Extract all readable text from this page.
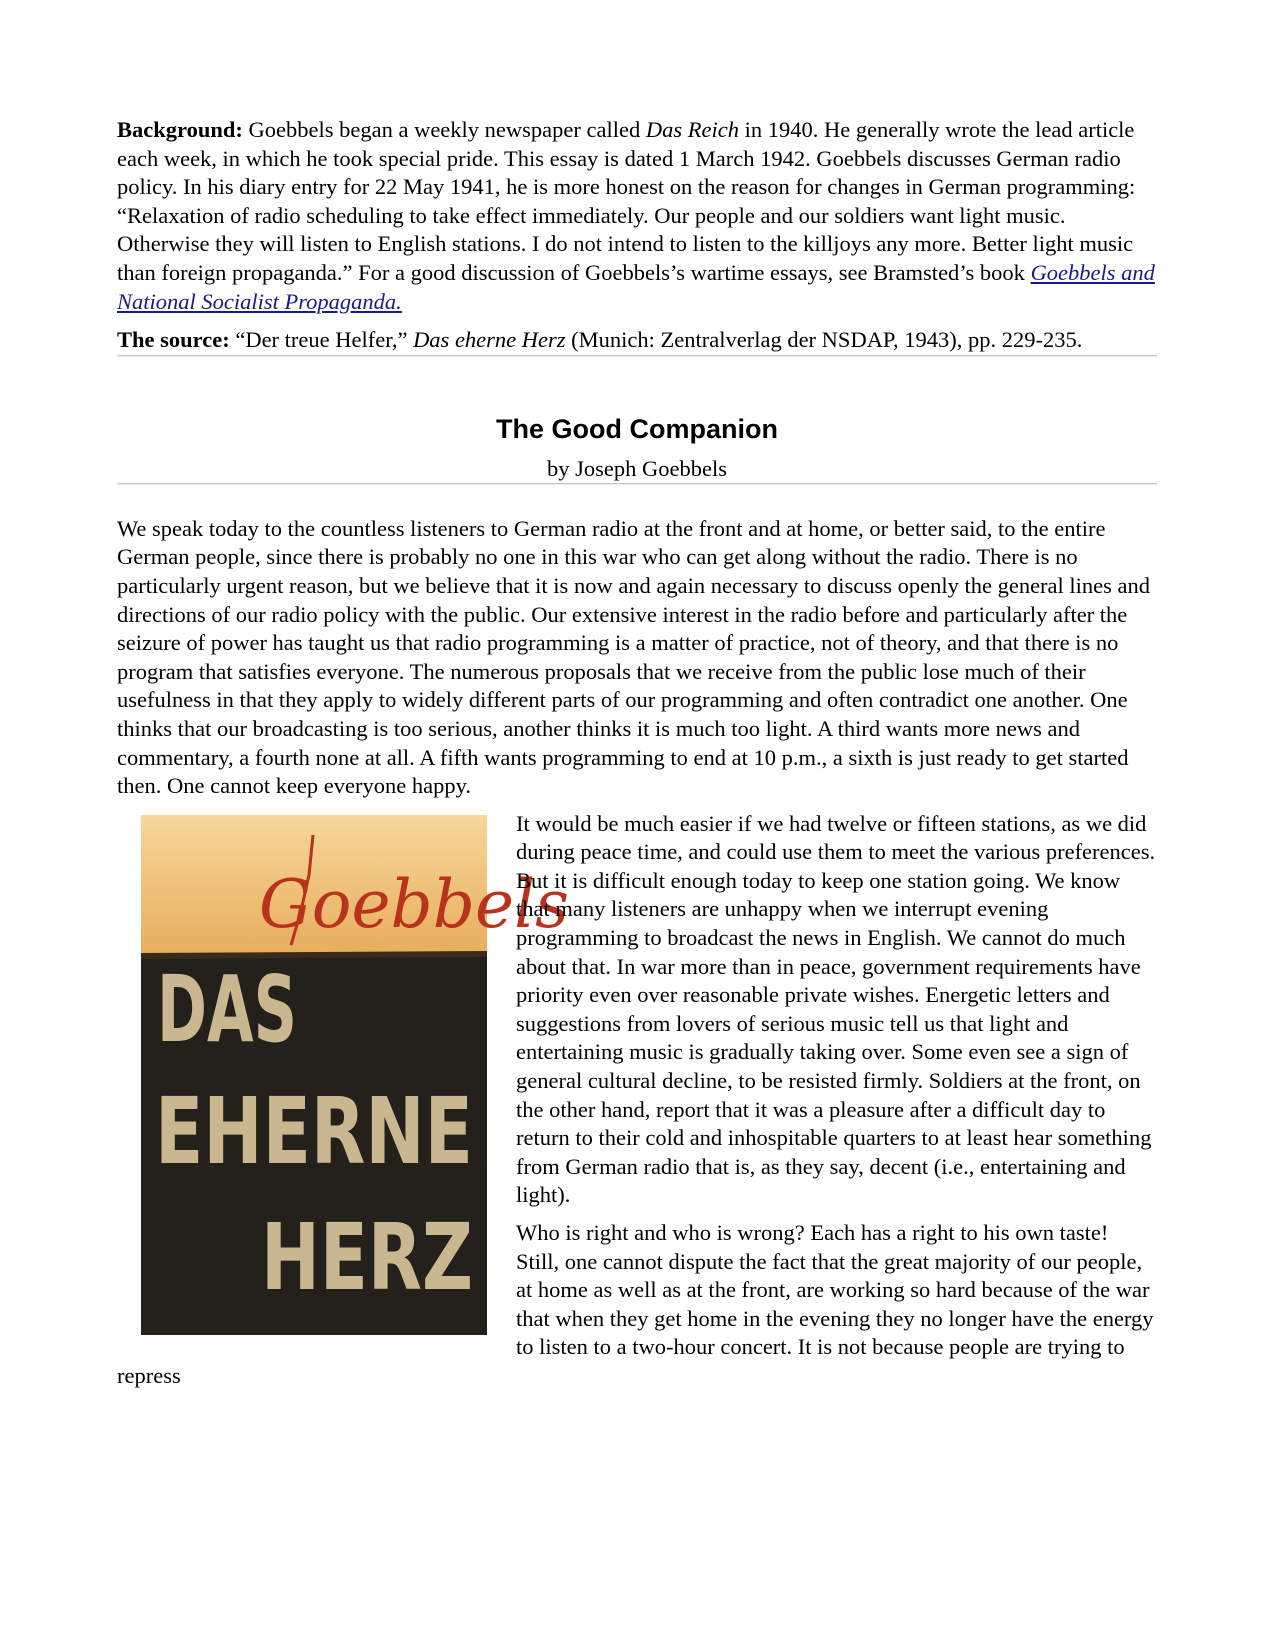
Background: Goebbels began a weekly newspaper called Das Reich in 1940. He generally wrote the lead article each week, in which he took special pride. This essay is dated 1 March 1942. Goebbels discusses German radio policy. In his diary entry for 22 May 1941, he is more honest on the reason for changes in German programming: “Relaxation of radio scheduling to take effect immediately. Our people and our soldiers want light music. Otherwise they will listen to English stations. I do not intend to listen to the killjoys any more. Better light music than foreign propaganda.” For a good discussion of Goebbels’s wartime essays, see Bramsted’s book Goebbels and National Socialist Propaganda.

The source: “Der treue Helfer,” Das eherne Herz (Munich: Zentralverlag der NSDAP, 1943), pp. 229-235.

The Good Companion
by Joseph Goebbels

We speak today to the countless listeners to German radio at the front and at home, or better said, to the entire German people, since there is probably no one in this war who can get along without the radio. There is no particularly urgent reason, but we believe that it is now and again necessary to discuss openly the general lines and directions of our radio policy with the public. Our extensive interest in the radio before and particularly after the seizure of power has taught us that radio programming is a matter of practice, not of theory, and that there is no program that satisfies everyone. The numerous proposals that we receive from the public lose much of their usefulness in that they apply to widely different parts of our programming and often contradict one another. One thinks that our broadcasting is too serious, another thinks it is much too light. A third wants more news and commentary, a fourth none at all. A fifth wants programming to end at 10 p.m., a sixth is just ready to get started then. One cannot keep everyone happy.

Goebbels
DAS
EHERNE
HERZ

It would be much easier if we had twelve or fifteen stations, as we did during peace time, and could use them to meet the various preferences. But it is difficult enough today to keep one station going. We know that many listeners are unhappy when we interrupt evening programming to broadcast the news in English. We cannot do much about that. In war more than in peace, government requirements have priority even over reasonable private wishes. Energetic letters and suggestions from lovers of serious music tell us that light and entertaining music is gradually taking over. Some even see a sign of general cultural decline, to be resisted firmly. Soldiers at the front, on the other hand, report that it was a pleasure after a difficult day to return to their cold and inhospitable quarters to at least hear something from German radio that is, as they say, decent (i.e., entertaining and light).

Who is right and who is wrong? Each has a right to his own taste! Still, one cannot dispute the fact that the great majority of our people, at home as well as at the front, are working so hard because of the war that when they get home in the evening they no longer have the energy to listen to a two-hour concert. It is not because people are trying to repress
